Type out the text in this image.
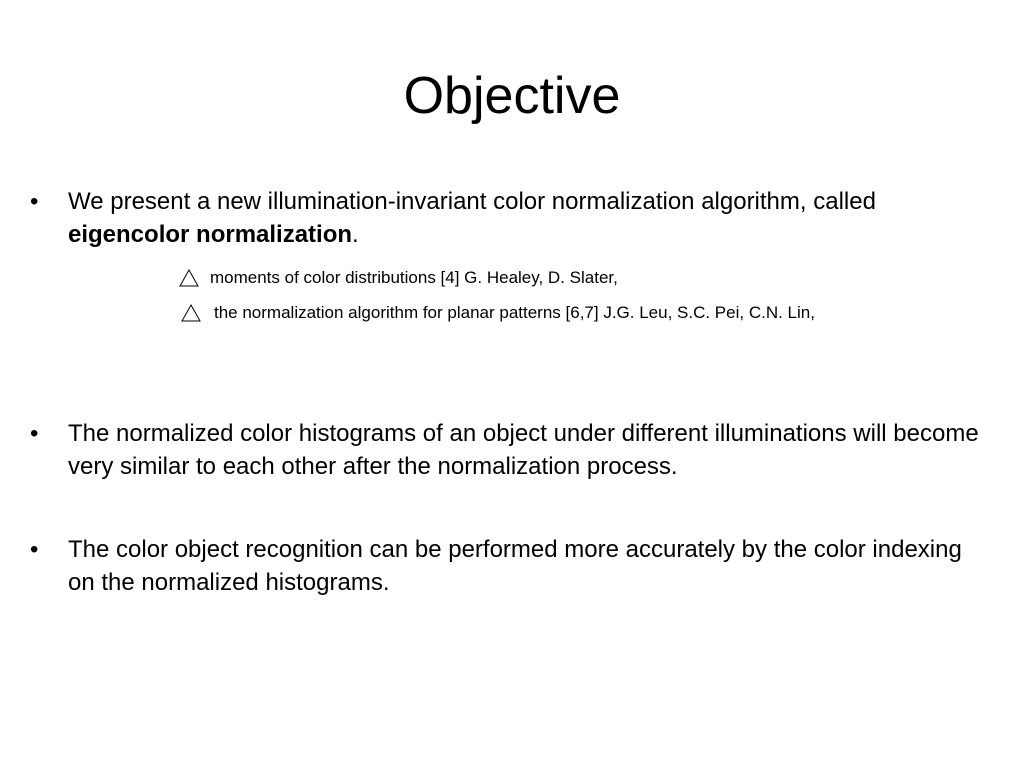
Objective
•	We present a new illumination-invariant color normalization algorithm, called eigencolor normalization.
moments of color distributions [4] G. Healey, D. Slater,
the normalization algorithm for planar patterns [6,7] J.G. Leu, S.C. Pei, C.N. Lin,
•	The normalized color histograms of an object under different illuminations will become very similar to each other after the normalization process.
•	The color object recognition can be performed more accurately by the color indexing on the normalized histograms.
